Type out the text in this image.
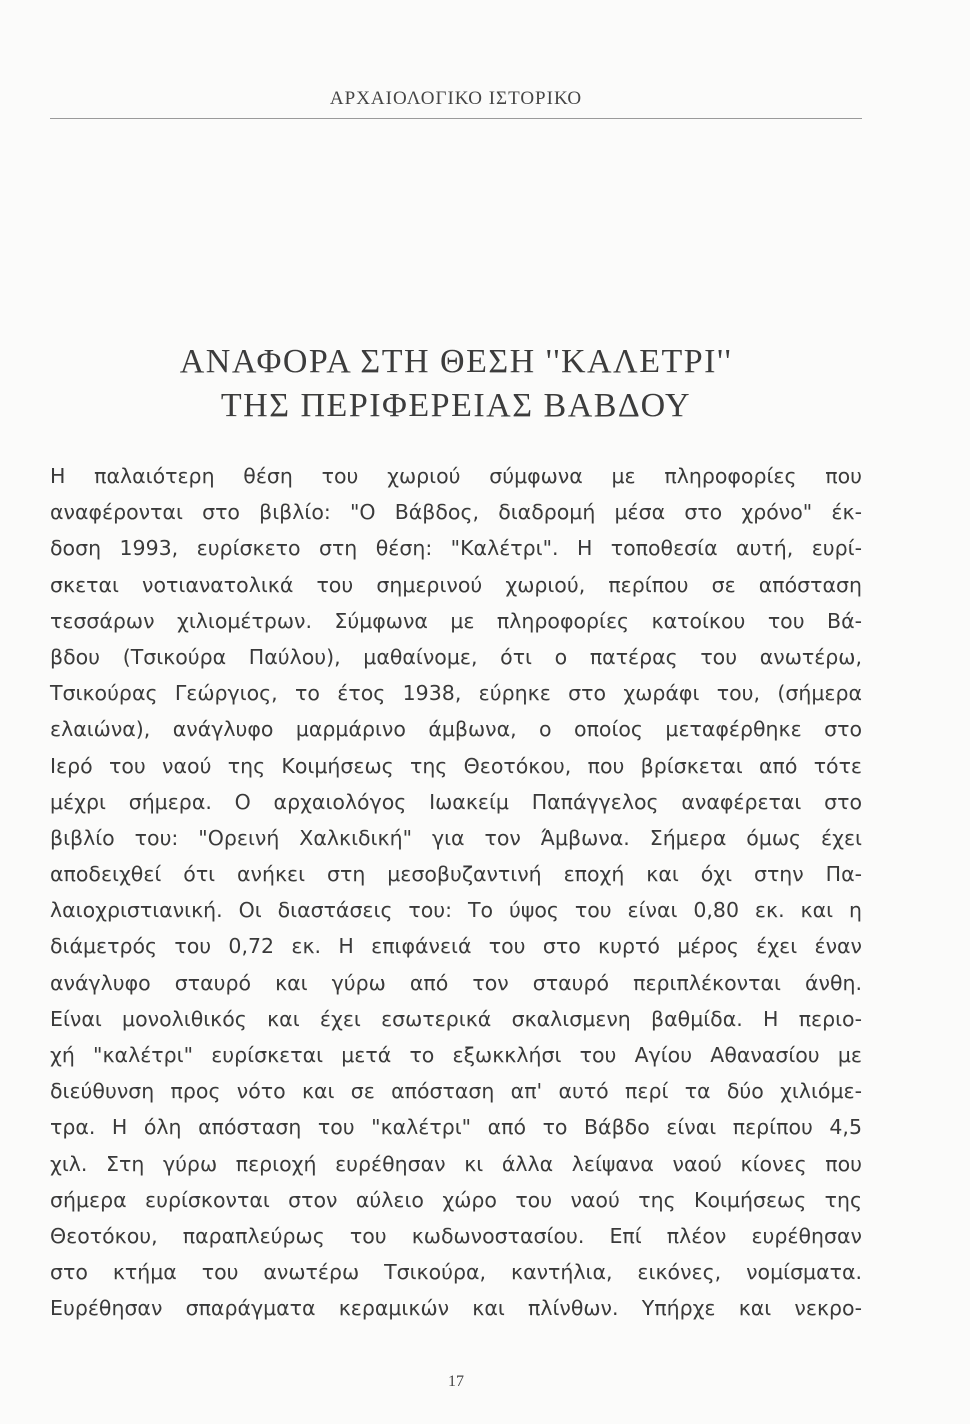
ΑΡΧΑΙΟΛΟΓΙΚΟ ΙΣΤΟΡΙΚΟ
ΑΝΑΦΟΡΑ ΣΤΗ ΘΕΣΗ ''ΚΑΛΕΤΡΙ''
ΤΗΣ ΠΕΡΙΦΕΡΕΙΑΣ ΒΑΒΔΟΥ

Η παλαιότερη θέση του χωριού σύμφωνα με πληροφορίες που
αναφέρονται στο βιβλίο: "Ο Βάβδος, διαδρομή μέσα στο χρόνο" έκ-
δοση 1993, ευρίσκετο στη θέση: "Καλέτρι". Η τοποθεσία αυτή, ευρί-
σκεται νοτιανατολικά του σημερινού χωριού, περίπου σε απόσταση
τεσσάρων χιλιομέτρων. Σύμφωνα με πληροφορίες κατοίκου του Βά-
βδου (Τσικούρα Παύλου), μαθαίνομε, ότι ο πατέρας του ανωτέρω,
Τσικούρας Γεώργιος, το έτος 1938, εύρηκε στο χωράφι του, (σήμερα
ελαιώνα), ανάγλυφο μαρμάρινο άμβωνα, ο οποίος μεταφέρθηκε στο
Ιερό του ναού της Κοιμήσεως της Θεοτόκου, που βρίσκεται από τότε
μέχρι σήμερα. Ο αρχαιολόγος Ιωακείμ Παπάγγελος αναφέρεται στο
βιβλίο του: "Ορεινή Χαλκιδική" για τον Άμβωνα. Σήμερα όμως έχει
αποδειχθεί ότι ανήκει στη μεσοβυζαντινή εποχή και όχι στην Πα-
λαιοχριστιανική. Οι διαστάσεις του: Το ύψος του είναι 0,80 εκ. και η
διάμετρός του 0,72 εκ. Η επιφάνειά του στο κυρτό μέρος έχει έναν
ανάγλυφο σταυρό και γύρω από τον σταυρό περιπλέκονται άνθη.
Είναι μονολιθικός και έχει εσωτερικά σκαλισμενη βαθμίδα. Η περιο-
χή "καλέτρι" ευρίσκεται μετά το εξωκκλήσι του Αγίου Αθανασίου με
διεύθυνση προς νότο και σε απόσταση απ' αυτό περί τα δύο χιλιόμε-
τρα. Η όλη απόσταση του "καλέτρι" από το Βάβδο είναι περίπου 4,5
χιλ. Στη γύρω περιοχή ευρέθησαν κι άλλα λείψανα ναού κίονες που
σήμερα ευρίσκονται στον αύλειο χώρο του ναού της Κοιμήσεως της
Θεοτόκου, παραπλεύρως του κωδωνοστασίου. Επί πλέον ευρέθησαν
στο κτήμα του ανωτέρω Τσικούρα, καντήλια, εικόνες, νομίσματα.
Ευρέθησαν σπαράγματα κεραμικών και πλίνθων. Υπήρχε και νεκρο-

17
